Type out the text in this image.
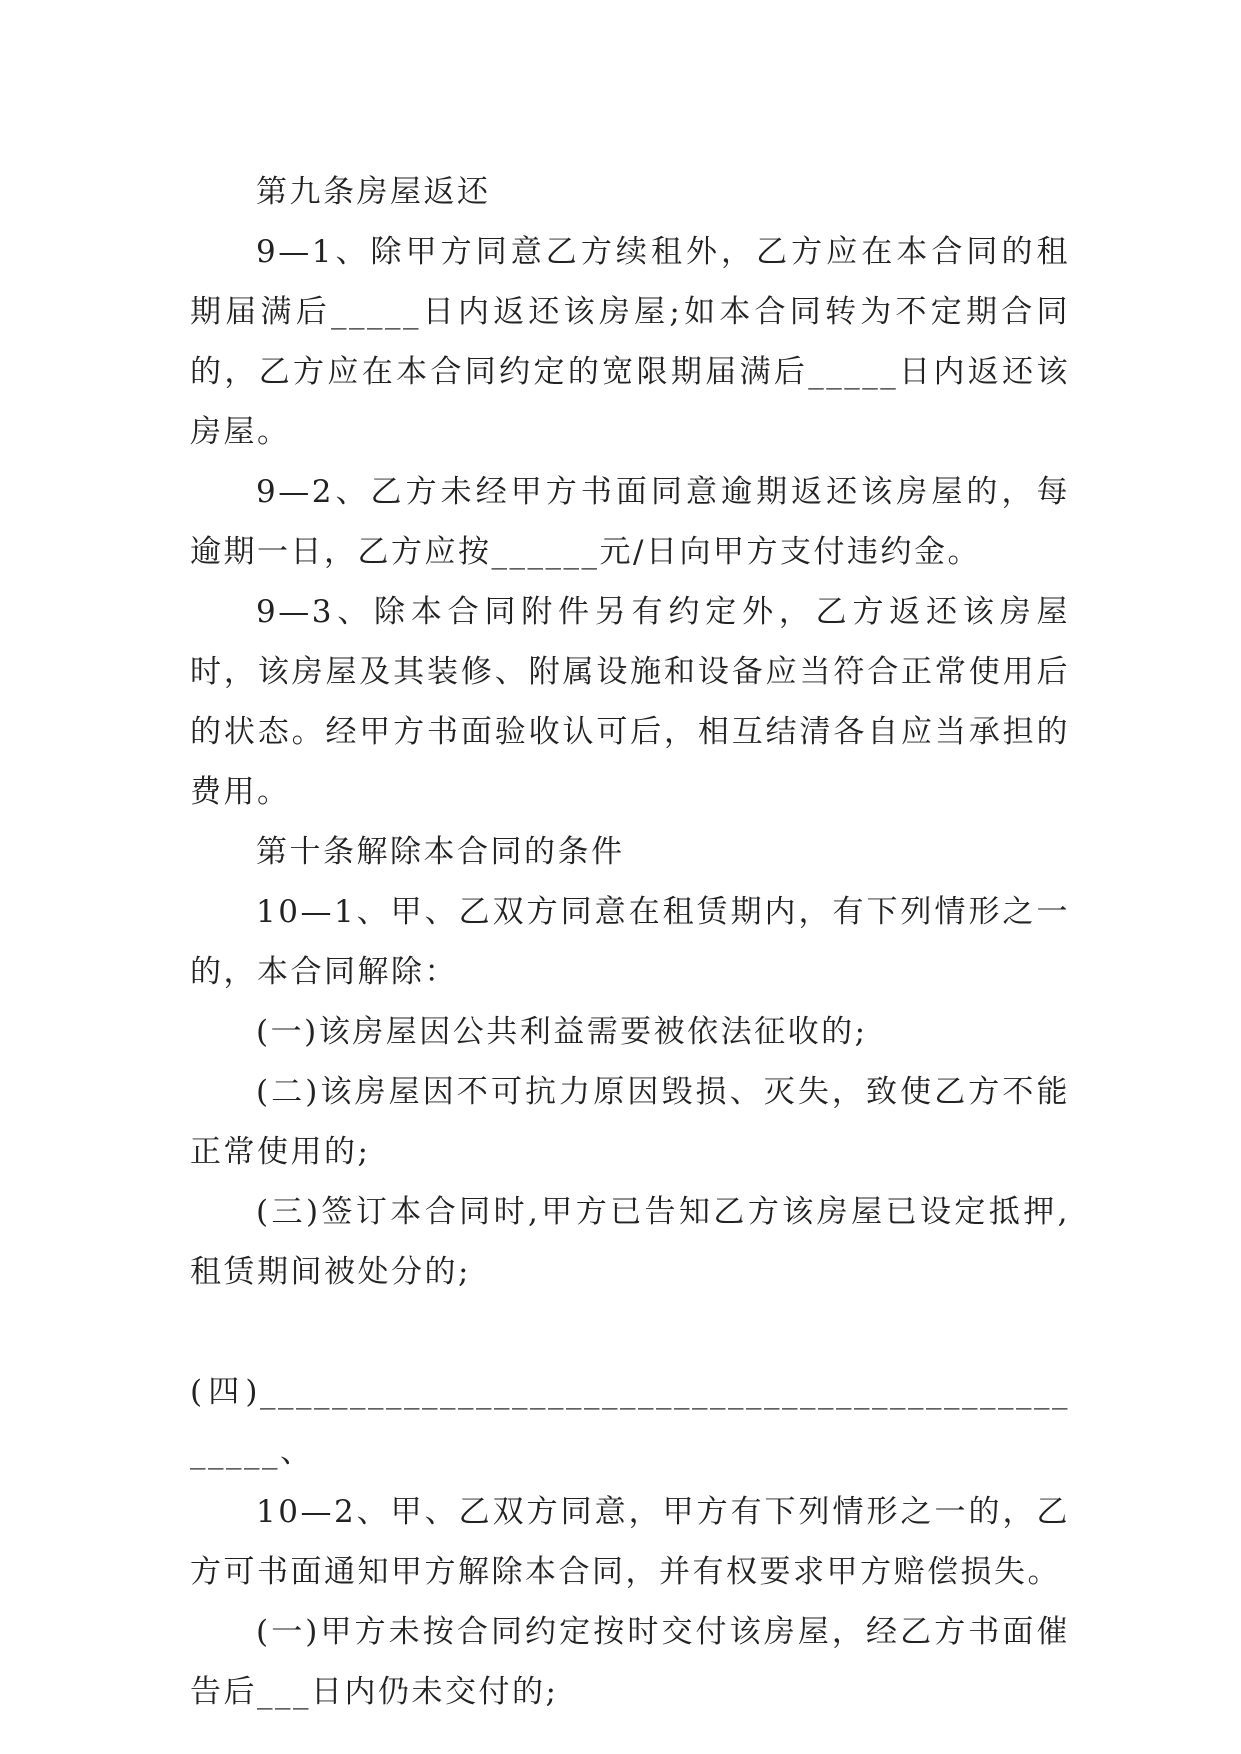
第九条房屋返还

9—1、除甲方同意乙方续租外，乙方应在本合同的租期届满后_____日内返还该房屋;如本合同转为不定期合同的，乙方应在本合同约定的宽限期届满后_____日内返还该房屋。

9—2、乙方未经甲方书面同意逾期返还该房屋的，每逾期一日，乙方应按______元/日向甲方支付违约金。

9—3、除本合同附件另有约定外，乙方返还该房屋时，该房屋及其装修、附属设施和设备应当符合正常使用后的状态。经甲方书面验收认可后，相互结清各自应当承担的费用。

第十条解除本合同的条件

10—1、甲、乙双方同意在租赁期内，有下列情形之一的，本合同解除：

(一)该房屋因公共利益需要被依法征收的;

(二)该房屋因不可抗力原因毁损、灭失，致使乙方不能正常使用的;

(三)签订本合同时,甲方已告知乙方该房屋已设定抵押,租赁期间被处分的;

(四)__________________________________________________、

10—2、甲、乙双方同意，甲方有下列情形之一的，乙方可书面通知甲方解除本合同，并有权要求甲方赔偿损失。

(一)甲方未按合同约定按时交付该房屋，经乙方书面催告后___日内仍未交付的;
